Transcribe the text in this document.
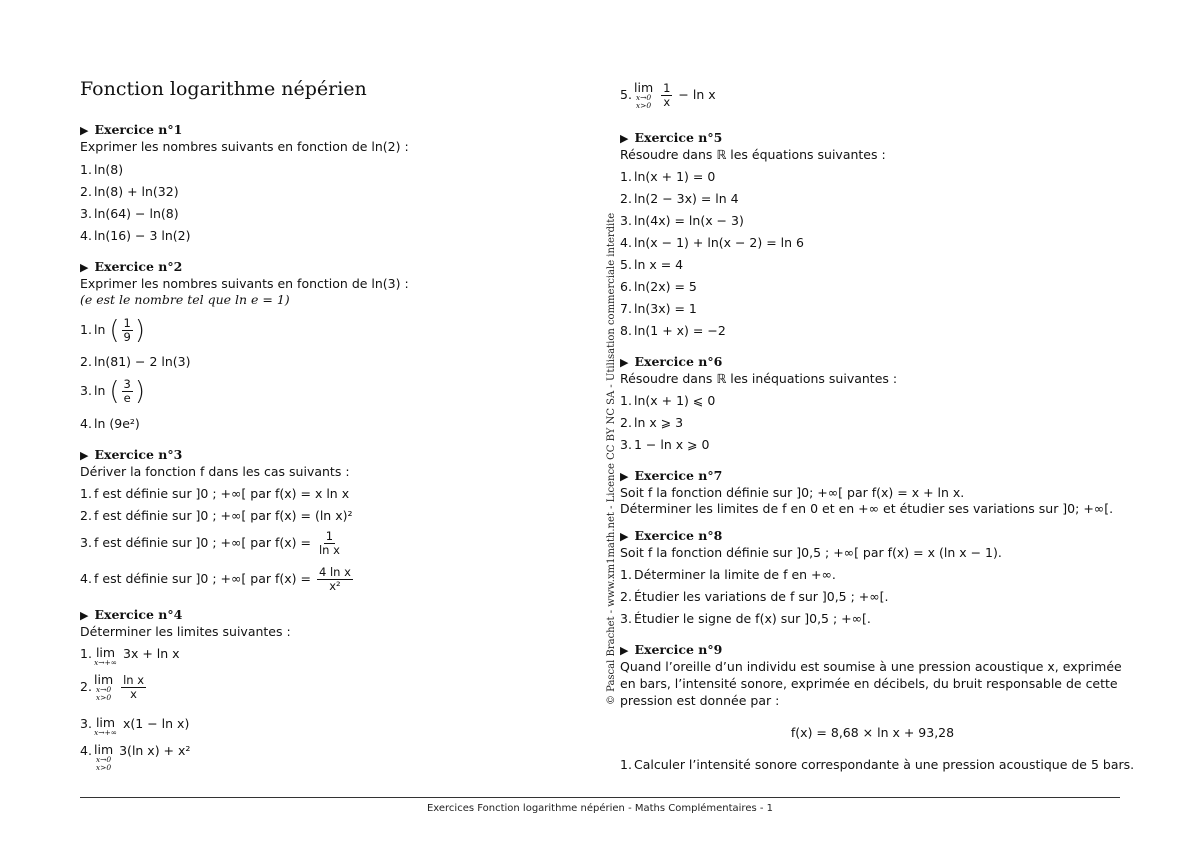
Fonction logarithme népérien
▶ Exercice n°1
Exprimer les nombres suivants en fonction de ln(2) :
1. ln(8)
2. ln(8) + ln(32)
3. ln(64) − ln(8)
4. ln(16) − 3 ln(2)
▶ Exercice n°2
Exprimer les nombres suivants en fonction de ln(3) :
(e est le nombre tel que ln e = 1)
1. ln ( $\frac{1}{9}$ )
2. ln(81) − 2 ln(3)
3. ln ( $\frac{3}{e}$ )
4. ln (9e²)
▶ Exercice n°3
Dériver la fonction f dans les cas suivants :
1. f est définie sur ]0 ; +∞[ par f(x) = x ln x
2. f est définie sur ]0 ; +∞[ par f(x) = (ln x)²
3. f est définie sur ]0 ; +∞[ par $f(x) = \frac{1}{\text{ln x}}$
4. f est définie sur ]0 ; +∞[ par $f(x) = \frac{\text{4 ln x}}{\text{x²}}$
▶ Exercice n°4
Déterminer les limites suivantes :
1. lim
x→+∞
3x + ln x
2. lim
x→0
x>0
$\frac{\text{ln x}}{x}$
3. lim
x→+∞
x(1 − ln x)
4. lim
x→0
x>0
3(ln x) + x²
5. lim
x→0
x>0
$\frac{1}{x} - \ln x$
▶ Exercice n°5
Résoudre dans ℝ les équations suivantes :
1. ln(x + 1) = 0
2. ln(2 − 3x) = ln 4
3. ln(4x) = ln(x − 3)
4. ln(x − 1) + ln(x − 2) = ln 6
5. ln x = 4
6. ln(2x) = 5
7. ln(3x) = 1
8. ln(1 + x) = −2
▶ Exercice n°6
Résoudre dans ℝ les inéquations suivantes :
1. ln(x + 1) ⩽ 0
2. ln x ⩾ 3
3. 1 − ln x ⩾ 0
▶ Exercice n°7
Soit f la fonction définie sur ]0; +∞[ par f(x) = x + ln x.
Déterminer les limites de f en 0 et en +∞ et étudier ses variations sur ]0; +∞[.
▶ Exercice n°8
Soit f la fonction définie sur ]0,5 ; +∞[ par f(x) = x (ln x − 1).
1. Déterminer la limite de f en +∞.
2. Étudier les variations de f sur ]0,5 ; +∞[.
3. Étudier le signe de f(x) sur ]0,5 ; +∞[.
▶ Exercice n°9
Quand l’oreille d’un individu est soumise à une pression acoustique x, exprimée
en bars, l’intensité sonore, exprimée en décibels, du bruit responsable de cette
pression est donnée par :
f(x) = 8,68 × ln x + 93,28
1. Calculer l’intensité sonore correspondante à une pression acoustique de 5 bars.
© Pascal Brachet - www.xm1math.net - Licence CC BY NC SA - Utilisation commerciale interdite
Exercices Fonction logarithme népérien - Maths Complémentaires - 1
